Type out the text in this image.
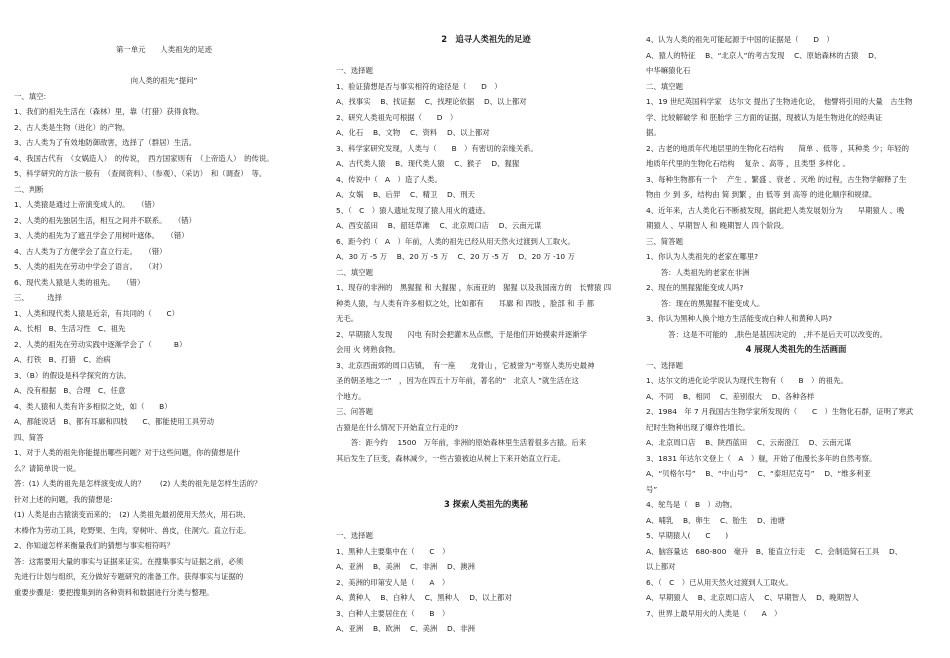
第一单元　　人类祖先的足迹
向人类的祖先“提问”
一、填空:
1、我们的祖先生活在（森林）里，靠（打猎）获得食物。
2、古人类是生物（进化）的产物。
3、古人类为了有效地防御敌害，选择了（群居）生活。
4、我国古代有　（女娲造人）　的传说，　西方国家则有　（上帝造人）　的传说。
5、科学研究的方法一般有　（查阅资料）、（参观）、（采访）　和（调查）　等。
二、判断
1、人类猿是通过上帝演变成人的。　　（错）
2、人类的祖先独居生活，相互之间并不联系。　　（错）
3、人类的祖先为了遮丑学会了用树叶遮体。　　（错）
4、古人类为了方便学会了直立行走。　　（错）
5、人类的祖先在劳动中学会了语言。　　（对）
6、现代类人猿是人类的祖先。　　（错）
三、　　　选择
1、人类和现代类人猿是近亲，有共同的（　　C）
A、长相　B、生活习性　C、祖先
2、人类的祖先在劳动实践中逐渐学会了（　　　B）
A、打铁　B、打猎　C、治病
3、（B）的假设是科学探究的方法。
A、没有根据　B、合理　C、任意
4、类人猿和人类有许多相似之处，如（　　B）
A、都能说话　B、都有耳廓和四肢　　C、都能使用工具劳动
四、简答
1、对于人类的祖先你能提出哪些问题？对于这些问题，你的猜想是什
么？请简单说一说。
答：(1) 人类的祖先是怎样演变成人的？　　(2) 人类的祖先是怎样生活的？
针对上述的问题，我的猜想是:
(1) 人类是由古猿演变而来的；　(2) 人类祖先最初使用天然火，用石块、
木棒作为劳动工具，吃野果、生肉，穿树叶、兽皮，住洞穴。直立行走。
2、你知道怎样来衡量我们的猜想与事实相符吗？
答：这需要用大量的事实与证据来证实。在搜集事实与证据之前，必须
先进行计划与组织，充分做好专题研究的准备工作。获得事实与证据的
重要步骤是：要把搜集到的各种资料和数据进行分类与整理。
2　追寻人类祖先的足迹
一、选择题
1、验证猜想是否与事实相符的途径是（　　D　）
A、找事实　 B、找证据　 C、找理论依据　 D、以上都对
2、研究人类祖先可根据（　　D　）
A、化石　 B、文物　 C、资料　 D、以上都对
3、科学家研究发现，人类与（　　B　）有密切的亲缘关系。
A、古代类人猿　 B、现代类人猿　 C、猴子　 D、猩猩
4、传说中（　A　）造了人类。
A、女娲　 B、后羿　 C、精卫　 D、刑天
5、（　C　）猿人遗址发现了猿人用火的遗迹。
A、西安蓝田　 B、韶廷草滩　 C、北京周口店　 D、云南元谋
6、距今约（　A　）年前，人类的祖先已经从用天然火过渡到人工取火。
A、30 万 -5 万　 B、20 万 -5 万　 C、20 万 -5 万　 D、20 万 -10 万
二、填空题
1、现存的非洲的　黑猩猩 和 大猩猩 ，东南亚的　猩猩 以及我国南方的　长臂猿 四
种类人猿，与人类有许多相似之处，比如都有　　耳廓 和 四肢 ，脸部 和 手 都
无毛。
2、早期猿人发现　　闪电 有时会把灌木丛点燃，于是他们开始摸索并逐渐学
会用 火 烤熟食物。
3、北京西南郊的周口店镇，　有一座　　龙骨山 ，它被誉为“考察人类历史最神
圣的朝圣地之一”　，因为在四五十万年前，著名的“　北京人 ”就生活在这
个地方。
三、问答题
古猿是在什么情况下开始直立行走的?
　　答：距今约　 1500　万年前，非洲的原始森林里生活着很多古猿。后来
其后发生了巨变，森林减少，一些古猿被迫从树上下来开始直立行走。
3 探索人类祖先的奥秘
一、选择题
1、黑种人主要集中在（　　C　）
A、亚洲　 B、美洲　 C、非洲　 D、澳洲
2、美洲的印第安人是（　　A　）
A、黄种人　 B、白种人　 C、黑种人　 D、以上都对
3、白种人主要居住在（　　B　）
A、亚洲　 B、欧洲　 C、美洲　 D、非洲
4、认为人类的祖先可能起源于中国的证据是（　　D　）
A、猿人的特征　 B、“北京人”的考古发现　 C、原始森林的古猿　 D、
中华嘛猿化石
二、填空题
1、19 世纪英国科学家　达尔文 提出了生物进化论，　他譬将引用的大量　古生物
学、比较解破学 和 胚胎学 三方面的证据，现被认为是生物进化的经典证
据。
2、古老的地质年代地层里的生物化石结构　　简单 、低等 ，其种类 少；年轻的
地质年代里的生物化石结构　 复杂 、高等 ，且类型 多样化 。
3、每种生物都有一个　 产生 、繁盛 、衰老 、灭绝 的过程，古生物学解释了生
物由 少 到 多，结构由 简 到繁 ，由 低等 到 高等 的进化顺序和规律。
4、近年来，古人类化石不断被发现，据此把人类发展划分为　　早期猿人 、晚
期猿人 、早期智人 和 晚期智人 四个阶段。
三、简答题
1、你认为人类祖先的老家在哪里?
　　答：人类祖先的老家在非洲
2、现在的黑猩猩能变成人吗?
　　答：现在的黑猩猩不能变成人。
3、你认为黑种人换个地方生活能变成白种人和黄种人吗?
　　　答：这是不可能的　,肤色是基因决定的　,并不是后天可以改变的。
4 展现人类祖先的生活画面
一、选择题
1、达尔文的进化论学说认为现代生物有（　　B　）的祖先。
A、不同　 B、相同　 C、差别很大　 D、各种各样
2、1984　年 7 月我国古生物学家所发现的（　　C　）生物化石群，证明了寒武
纪时生物种出现了爆炸性增长。
A、北京周口店　 B、陕西蓝田　 C、云南澄江　 D、云南元谋
3、1831 年达尔文登上（　A　）舰，开始了他漫长多年的自然考察。
A、“贝格尔号”　 B、“中山号”　 C、“泰坦尼克号”　 D、“维多利亚
号”
4、鸵鸟是（　B　）动物。
A、哺乳　 B、卵生　 C、胎生　 D、池塘
5、早期猿人(　　C　　)
A、脑容量达　680-800　毫升　B、能直立行走　 C、会制造简石工具　 D、
以上都对
6、（　C　）已从用天然火过渡到人工取火。
A、早期猿人　 B、北京周口店人　 C、早期智人　 D、晚期智人
7、世界上最早用火的人类是（　　A　）
